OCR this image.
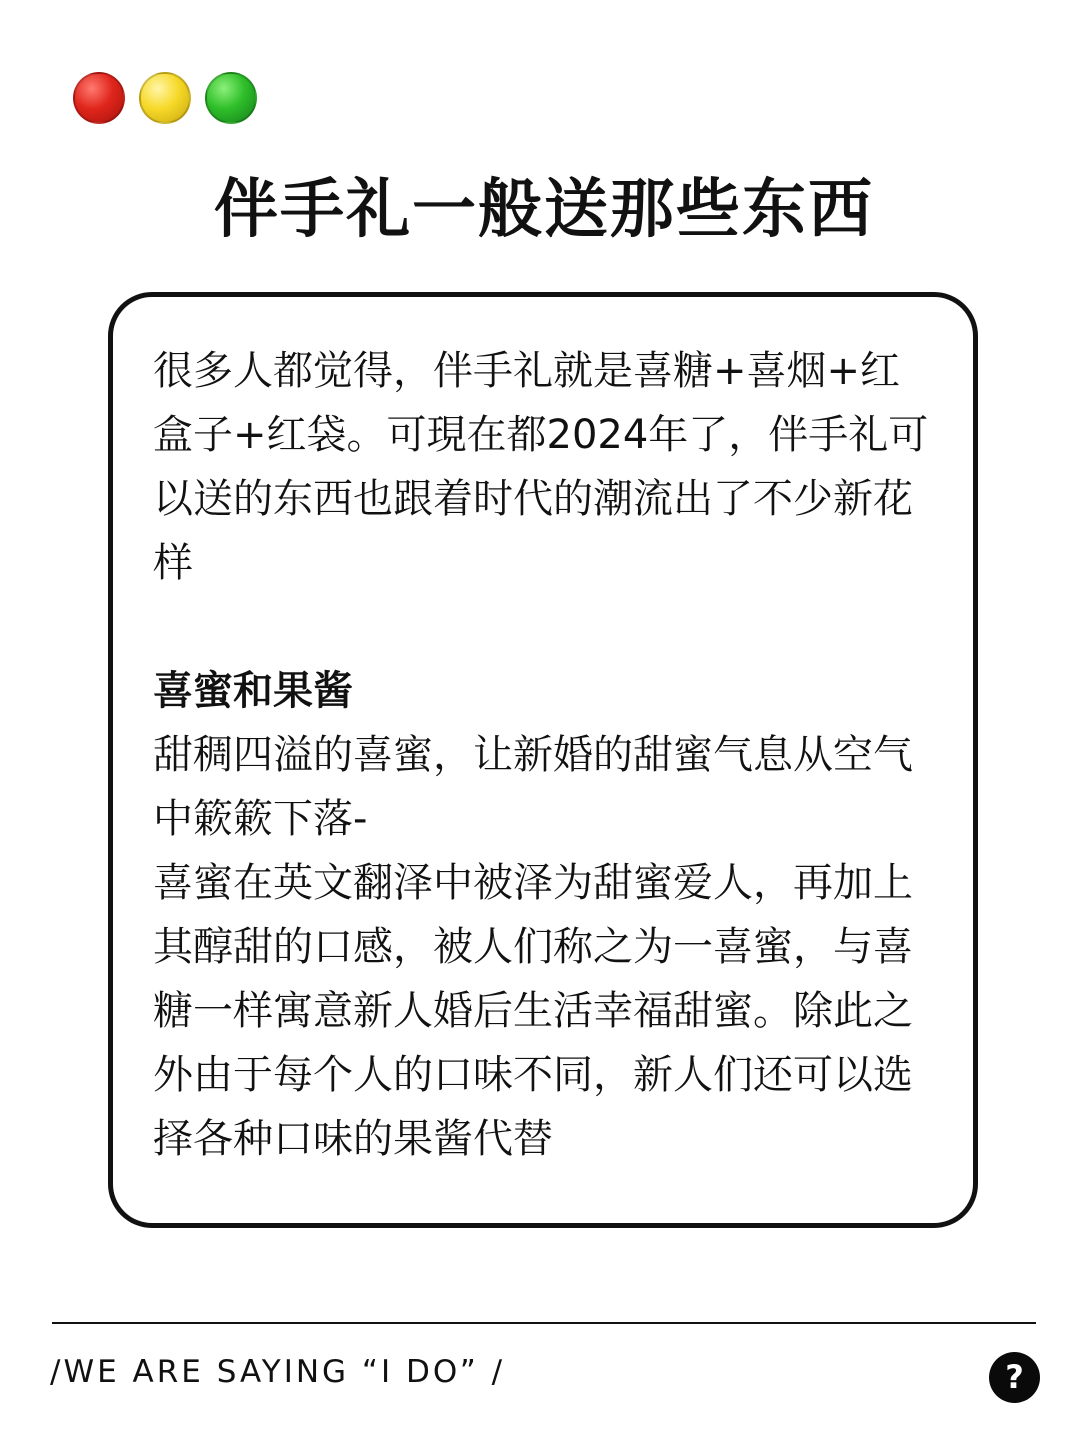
伴手礼一般送那些东西

很多人都觉得，伴手礼就是喜糖+喜烟+红盒子+红袋。可現在都2024年了，伴手礼可以送的东西也跟着时代的潮流出了不少新花样

喜蜜和果酱

甜稠四溢的喜蜜，让新婚的甜蜜气息从空气中簌簌下落-

喜蜜在英文翻泽中被泽为甜蜜爱人，再加上其醇甜的口感，被人们称之为一喜蜜，与喜糖一样寓意新人婚后生活幸福甜蜜。除此之外由于每个人的口味不同，新人们还可以选择各种口味的果酱代替

/WE ARE SAYING “I DO” /	?
